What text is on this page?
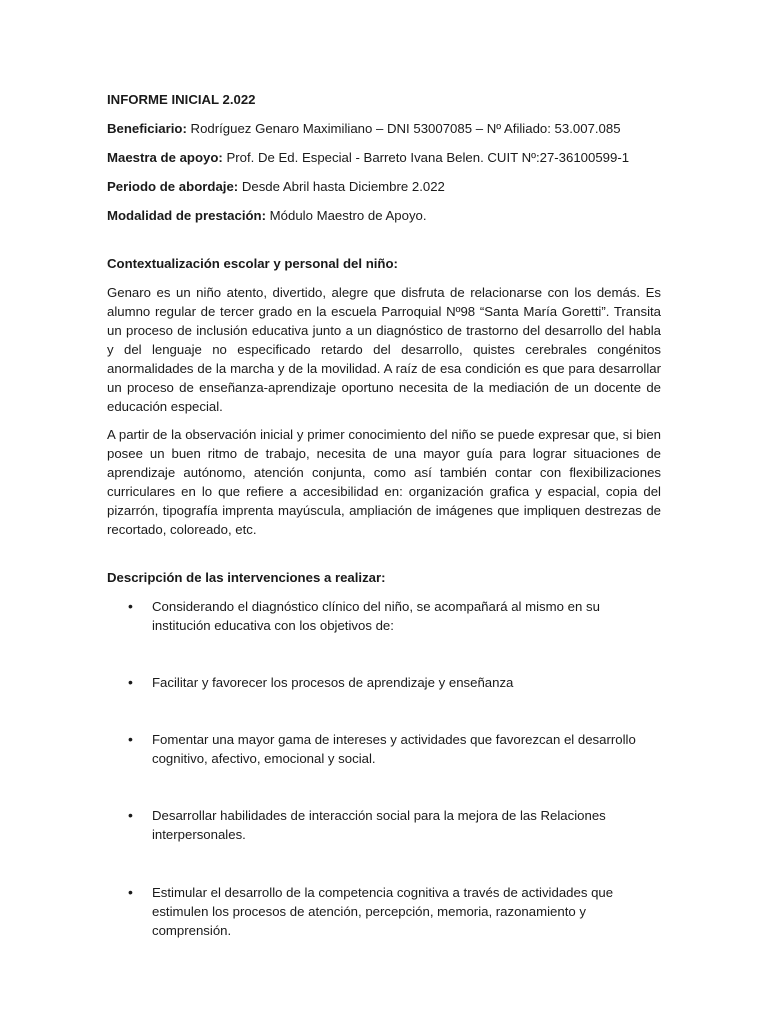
INFORME INICIAL 2.022
Beneficiario: Rodríguez Genaro Maximiliano – DNI 53007085 – Nº Afiliado: 53.007.085
Maestra de apoyo: Prof. De Ed. Especial - Barreto Ivana Belen. CUIT Nº:27-36100599-1
Periodo de abordaje: Desde Abril hasta Diciembre 2.022
Modalidad de prestación: Módulo Maestro de Apoyo.
Contextualización escolar y personal del niño:

Genaro es un niño atento, divertido, alegre que disfruta de relacionarse con los demás. Es alumno regular de tercer grado en la escuela Parroquial Nº98 “Santa María Goretti”. Transita un proceso de inclusión educativa junto a un diagnóstico de trastorno del desarrollo del habla y del lenguaje no especificado retardo del desarrollo, quistes cerebrales congénitos anormalidades de la marcha y de la movilidad. A raíz de esa condición es que para desarrollar un proceso de enseñanza-aprendizaje oportuno necesita de la mediación de un docente de educación especial.

A partir de la observación inicial y primer conocimiento del niño se puede expresar que, si bien posee un buen ritmo de trabajo, necesita de una mayor guía para lograr situaciones de aprendizaje autónomo, atención conjunta, como así también contar con flexibilizaciones curriculares en lo que refiere a accesibilidad en: organización grafica y espacial, copia del pizarrón, tipografía imprenta mayúscula, ampliación de imágenes que impliquen destrezas de recortado, coloreado, etc.

Descripción de las intervenciones a realizar:
• Considerando el diagnóstico clínico del niño, se acompañará al mismo en su institución educativa con los objetivos de:
• Facilitar y favorecer los procesos de aprendizaje y enseñanza
• Fomentar una mayor gama de intereses y actividades que favorezcan el desarrollo cognitivo, afectivo, emocional y social.
• Desarrollar habilidades de interacción social para la mejora de las Relaciones interpersonales.
• Estimular el desarrollo de la competencia cognitiva a través de actividades que estimulen los procesos de atención, percepción, memoria, razonamiento y comprensión.
